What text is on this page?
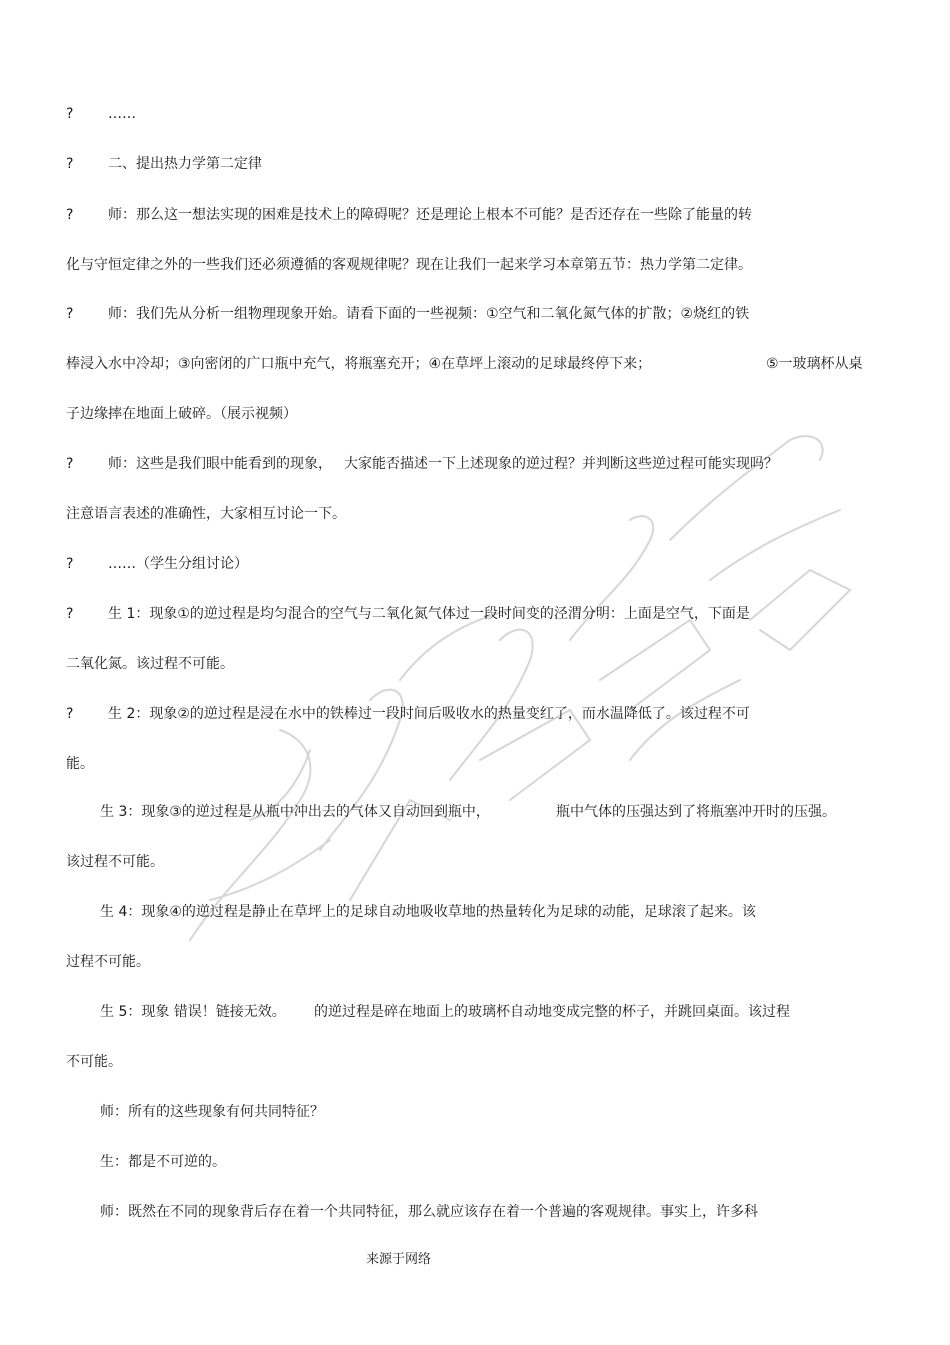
? ……
? 二、提出热力学第二定律
? 师：那么这一想法实现的困难是技术上的障碍呢？还是理论上根本不可能？是否还存在一些除了能量的转
化与守恒定律之外的一些我们还必须遵循的客观规律呢？现在让我们一起来学习本章第五节：热力学第二定律。
? 师：我们先从分析一组物理现象开始。请看下面的一些视频：①空气和二氧化氮气体的扩散；②烧红的铁
棒浸入水中冷却；③向密闭的广口瓶中充气，将瓶塞充开；④在草坪上滚动的足球最终停下来；	⑤一玻璃杯从桌
子边缘摔在地面上破碎。（展示视频）
? 师：这些是我们眼中能看到的现象， 大家能否描述一下上述现象的逆过程？并判断这些逆过程可能实现吗？
注意语言表述的准确性，大家相互讨论一下。
? ……（学生分组讨论）
? 生 1：现象①的逆过程是均匀混合的空气与二氧化氮气体过一段时间变的泾渭分明：上面是空气，下面是
二氧化氮。该过程不可能。
? 生 2：现象②的逆过程是浸在水中的铁棒过一段时间后吸收水的热量变红了，而水温降低了。该过程不可
能。
生 3：现象③的逆过程是从瓶中冲出去的气体又自动回到瓶中，	瓶中气体的压强达到了将瓶塞冲开时的压强。
该过程不可能。
生 4：现象④的逆过程是静止在草坪上的足球自动地吸收草地的热量转化为足球的动能，足球滚了起来。该
过程不可能。
生 5：现象 错误！链接无效。 的逆过程是碎在地面上的玻璃杯自动地变成完整的杯子，并跳回桌面。该过程
不可能。
师：所有的这些现象有何共同特征？
生：都是不可逆的。
师：既然在不同的现象背后存在着一个共同特征，那么就应该存在着一个普遍的客观规律。事实上，许多科
来源于网络
